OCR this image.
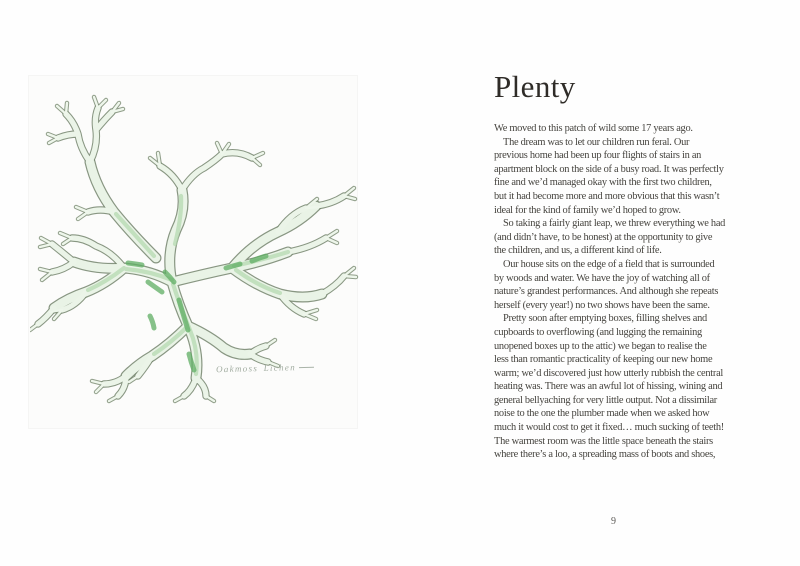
Oakmoss Lichen
Plenty
We moved to this patch of wild some 17 years ago.
The dream was to let our children run feral. Our
previous home had been up four flights of stairs in an
apartment block on the side of a busy road. It was perfectly
fine and we’d managed okay with the first two children,
but it had become more and more obvious that this wasn’t
ideal for the kind of family we’d hoped to grow.
So taking a fairly giant leap, we threw everything we had
(and didn’t have, to be honest) at the opportunity to give
the children, and us, a different kind of life.
Our house sits on the edge of a field that is surrounded
by woods and water. We have the joy of watching all of
nature’s grandest performances. And although she repeats
herself (every year!) no two shows have been the same.
Pretty soon after emptying boxes, filling shelves and
cupboards to overflowing (and lugging the remaining
unopened boxes up to the attic) we began to realise the
less than romantic practicality of keeping our new home
warm; we’d discovered just how utterly rubbish the central
heating was. There was an awful lot of hissing, wining and
general bellyaching for very little output. Not a dissimilar
noise to the one the plumber made when we asked how
much it would cost to get it fixed… much sucking of teeth!
The warmest room was the little space beneath the stairs
where there’s a loo, a spreading mass of boots and shoes,
9
